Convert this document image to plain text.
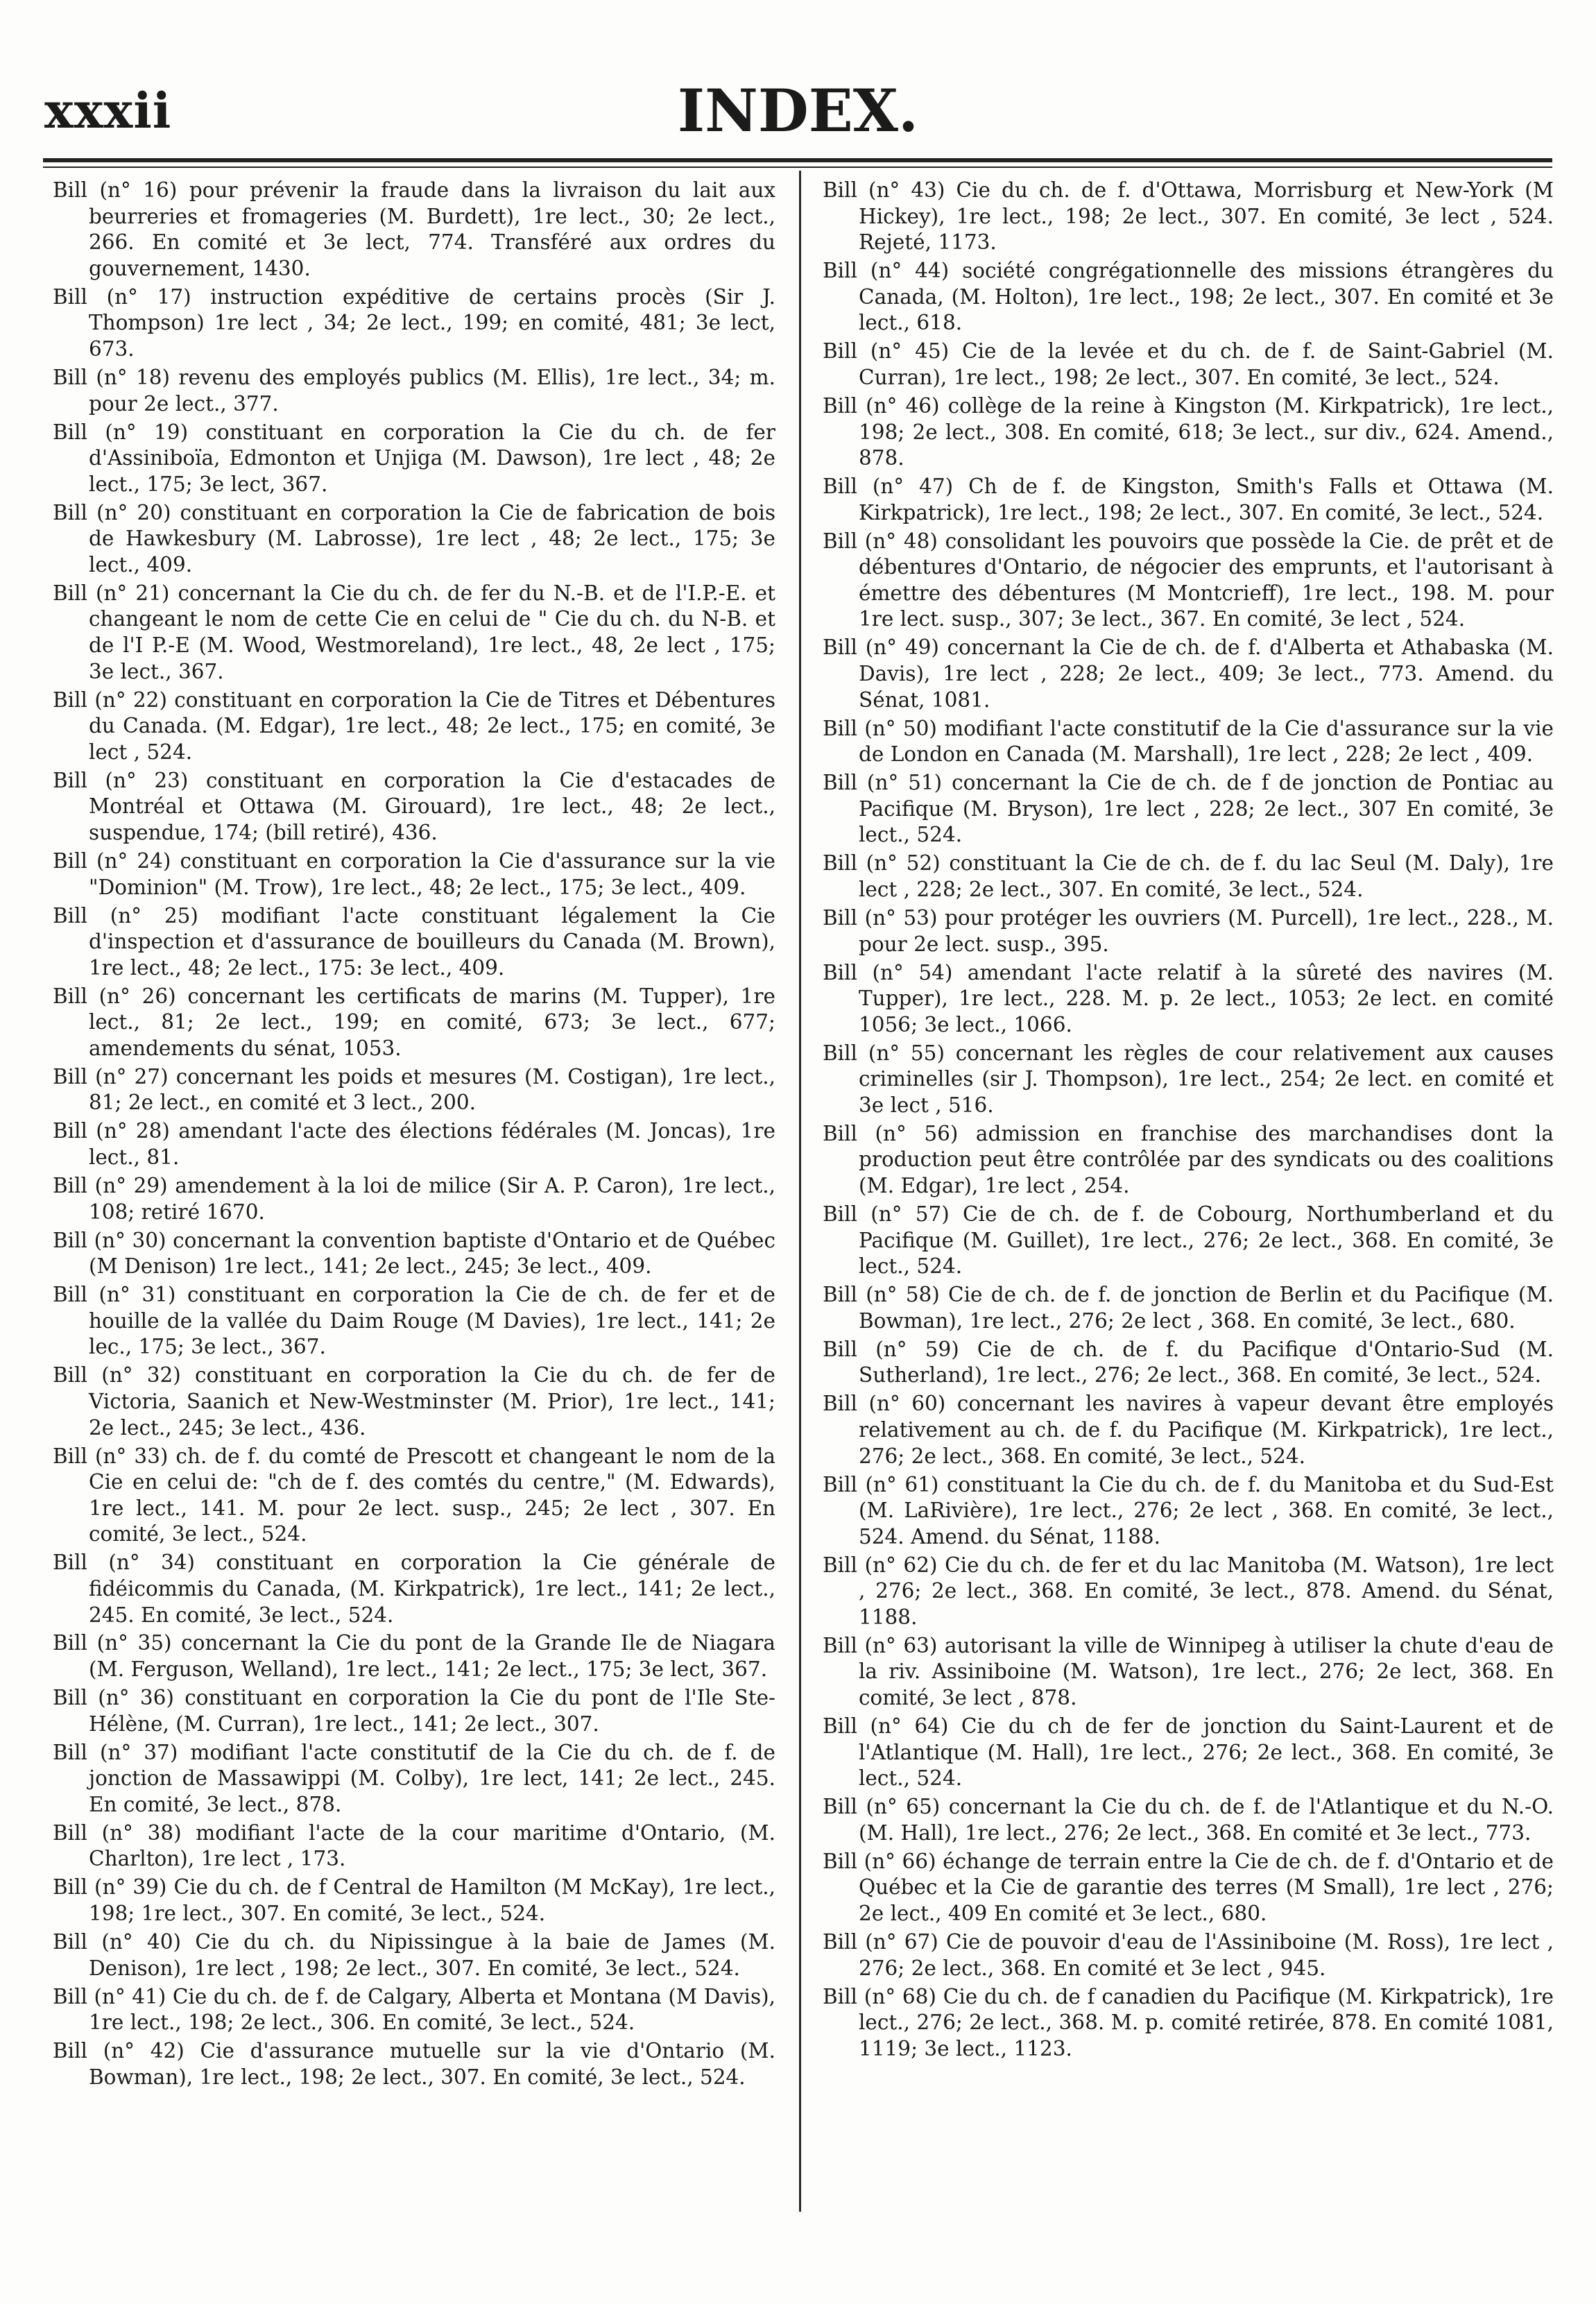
xxxii	INDEX.

Bill (n° 16) pour prévenir la fraude dans la livraison du lait aux beurreries et fromageries (M. Burdett), 1re lect., 30; 2e lect., 266. En comité et 3e lect, 774. Transféré aux ordres du gouvernement, 1430.

Bill (n° 17) instruction expéditive de certains procès (Sir J. Thompson) 1re lect , 34; 2e lect., 199; en comité, 481; 3e lect, 673.

Bill (n° 18) revenu des employés publics (M. Ellis), 1re lect., 34; m. pour 2e lect., 377.

Bill (n° 19) constituant en corporation la Cie du ch. de fer d'Assiniboïa, Edmonton et Unjiga (M. Dawson), 1re lect , 48; 2e lect., 175; 3e lect, 367.

Bill (n° 20) constituant en corporation la Cie de fabrication de bois de Hawkesbury (M. Labrosse), 1re lect , 48; 2e lect., 175; 3e lect., 409.

Bill (n° 21) concernant la Cie du ch. de fer du N.-B. et de l'I.P.-E. et changeant le nom de cette Cie en celui de " Cie du ch. du N-B. et de l'I P.-E (M. Wood, Westmoreland), 1re lect., 48, 2e lect , 175; 3e lect., 367.

Bill (n° 22) constituant en corporation la Cie de Titres et Débentures du Canada. (M. Edgar), 1re lect., 48; 2e lect., 175; en comité, 3e lect , 524.

Bill (n° 23) constituant en corporation la Cie d'estacades de Montréal et Ottawa (M. Girouard), 1re lect., 48; 2e lect., suspendue, 174; (bill retiré), 436.

Bill (n° 24) constituant en corporation la Cie d'assurance sur la vie "Dominion" (M. Trow), 1re lect., 48; 2e lect., 175; 3e lect., 409.

Bill (n° 25) modifiant l'acte constituant légalement la Cie d'inspection et d'assurance de bouilleurs du Canada (M. Brown), 1re lect., 48; 2e lect., 175: 3e lect., 409.

Bill (n° 26) concernant les certificats de marins (M. Tupper), 1re lect., 81; 2e lect., 199; en comité, 673; 3e lect., 677; amendements du sénat, 1053.

Bill (n° 27) concernant les poids et mesures (M. Costigan), 1re lect., 81; 2e lect., en comité et 3 lect., 200.

Bill (n° 28) amendant l'acte des élections fédérales (M. Joncas), 1re lect., 81.

Bill (n° 29) amendement à la loi de milice (Sir A. P. Caron), 1re lect., 108; retiré 1670.

Bill (n° 30) concernant la convention baptiste d'Ontario et de Québec (M Denison) 1re lect., 141; 2e lect., 245; 3e lect., 409.

Bill (n° 31) constituant en corporation la Cie de ch. de fer et de houille de la vallée du Daim Rouge (M Davies), 1re lect., 141; 2e lec., 175; 3e lect., 367.

Bill (n° 32) constituant en corporation la Cie du ch. de fer de Victoria, Saanich et New-Westminster (M. Prior), 1re lect., 141; 2e lect., 245; 3e lect., 436.

Bill (n° 33) ch. de f. du comté de Prescott et changeant le nom de la Cie en celui de: "ch de f. des comtés du centre," (M. Edwards), 1re lect., 141. M. pour 2e lect. susp., 245; 2e lect , 307. En comité, 3e lect., 524.

Bill (n° 34) constituant en corporation la Cie générale de fidéicommis du Canada, (M. Kirkpatrick), 1re lect., 141; 2e lect., 245. En comité, 3e lect., 524.

Bill (n° 35) concernant la Cie du pont de la Grande Ile de Niagara (M. Ferguson, Welland), 1re lect., 141; 2e lect., 175; 3e lect, 367.

Bill (n° 36) constituant en corporation la Cie du pont de l'Ile Ste-Hélène, (M. Curran), 1re lect., 141; 2e lect., 307.

Bill (n° 37) modifiant l'acte constitutif de la Cie du ch. de f. de jonction de Massawippi (M. Colby), 1re lect, 141; 2e lect., 245. En comité, 3e lect., 878.

Bill (n° 38) modifiant l'acte de la cour maritime d'Ontario, (M. Charlton), 1re lect , 173.

Bill (n° 39) Cie du ch. de f Central de Hamilton (M McKay), 1re lect., 198; 1re lect., 307. En comité, 3e lect., 524.

Bill (n° 40) Cie du ch. du Nipissingue à la baie de James (M. Denison), 1re lect , 198; 2e lect., 307. En comité, 3e lect., 524.

Bill (n° 41) Cie du ch. de f. de Calgary, Alberta et Montana (M Davis), 1re lect., 198; 2e lect., 306. En comité, 3e lect., 524.

Bill (n° 42) Cie d'assurance mutuelle sur la vie d'Ontario (M. Bowman), 1re lect., 198; 2e lect., 307. En comité, 3e lect., 524.

Bill (n° 43) Cie du ch. de f. d'Ottawa, Morrisburg et New-York (M Hickey), 1re lect., 198; 2e lect., 307. En comité, 3e lect , 524. Rejeté, 1173.

Bill (n° 44) société congrégationnelle des missions étrangères du Canada, (M. Holton), 1re lect., 198; 2e lect., 307. En comité et 3e lect., 618.

Bill (n° 45) Cie de la levée et du ch. de f. de Saint-Gabriel (M. Curran), 1re lect., 198; 2e lect., 307. En comité, 3e lect., 524.

Bill (n° 46) collège de la reine à Kingston (M. Kirkpatrick), 1re lect., 198; 2e lect., 308. En comité, 618; 3e lect., sur div., 624. Amend., 878.

Bill (n° 47) Ch de f. de Kingston, Smith's Falls et Ottawa (M. Kirkpatrick), 1re lect., 198; 2e lect., 307. En comité, 3e lect., 524.

Bill (n° 48) consolidant les pouvoirs que possède la Cie. de prêt et de débentures d'Ontario, de négocier des emprunts, et l'autorisant à émettre des débentures (M Montcrieff), 1re lect., 198. M. pour 1re lect. susp., 307; 3e lect., 367. En comité, 3e lect , 524.

Bill (n° 49) concernant la Cie de ch. de f. d'Alberta et Athabaska (M. Davis), 1re lect , 228; 2e lect., 409; 3e lect., 773. Amend. du Sénat, 1081.

Bill (n° 50) modifiant l'acte constitutif de la Cie d'assurance sur la vie de London en Canada (M. Marshall), 1re lect , 228; 2e lect , 409.

Bill (n° 51) concernant la Cie de ch. de f de jonction de Pontiac au Pacifique (M. Bryson), 1re lect , 228; 2e lect., 307 En comité, 3e lect., 524.

Bill (n° 52) constituant la Cie de ch. de f. du lac Seul (M. Daly), 1re lect , 228; 2e lect., 307. En comité, 3e lect., 524.

Bill (n° 53) pour protéger les ouvriers (M. Purcell), 1re lect., 228., M. pour 2e lect. susp., 395.

Bill (n° 54) amendant l'acte relatif à la sûreté des navires (M. Tupper), 1re lect., 228. M. p. 2e lect., 1053; 2e lect. en comité 1056; 3e lect., 1066.

Bill (n° 55) concernant les règles de cour relativement aux causes criminelles (sir J. Thompson), 1re lect., 254; 2e lect. en comité et 3e lect , 516.

Bill (n° 56) admission en franchise des marchandises dont la production peut être contrôlée par des syndicats ou des coalitions (M. Edgar), 1re lect , 254.

Bill (n° 57) Cie de ch. de f. de Cobourg, Northumberland et du Pacifique (M. Guillet), 1re lect., 276; 2e lect., 368. En comité, 3e lect., 524.

Bill (n° 58) Cie de ch. de f. de jonction de Berlin et du Pacifique (M. Bowman), 1re lect., 276; 2e lect , 368. En comité, 3e lect., 680.

Bill (n° 59) Cie de ch. de f. du Pacifique d'Ontario-Sud (M. Sutherland), 1re lect., 276; 2e lect., 368. En comité, 3e lect., 524.

Bill (n° 60) concernant les navires à vapeur devant être employés relativement au ch. de f. du Pacifique (M. Kirkpatrick), 1re lect., 276; 2e lect., 368. En comité, 3e lect., 524.

Bill (n° 61) constituant la Cie du ch. de f. du Manitoba et du Sud-Est (M. LaRivière), 1re lect., 276; 2e lect , 368. En comité, 3e lect., 524. Amend. du Sénat, 1188.

Bill (n° 62) Cie du ch. de fer et du lac Manitoba (M. Watson), 1re lect , 276; 2e lect., 368. En comité, 3e lect., 878. Amend. du Sénat, 1188.

Bill (n° 63) autorisant la ville de Winnipeg à utiliser la chute d'eau de la riv. Assiniboine (M. Watson), 1re lect., 276; 2e lect, 368. En comité, 3e lect , 878.

Bill (n° 64) Cie du ch de fer de jonction du Saint-Laurent et de l'Atlantique (M. Hall), 1re lect., 276; 2e lect., 368. En comité, 3e lect., 524.

Bill (n° 65) concernant la Cie du ch. de f. de l'Atlantique et du N.-O. (M. Hall), 1re lect., 276; 2e lect., 368. En comité et 3e lect., 773.

Bill (n° 66) échange de terrain entre la Cie de ch. de f. d'Ontario et de Québec et la Cie de garantie des terres (M Small), 1re lect , 276; 2e lect., 409 En comité et 3e lect., 680.

Bill (n° 67) Cie de pouvoir d'eau de l'Assiniboine (M. Ross), 1re lect , 276; 2e lect., 368. En comité et 3e lect , 945.

Bill (n° 68) Cie du ch. de f canadien du Pacifique (M. Kirkpatrick), 1re lect., 276; 2e lect., 368. M. p. comité retirée, 878. En comité 1081, 1119; 3e lect., 1123.
